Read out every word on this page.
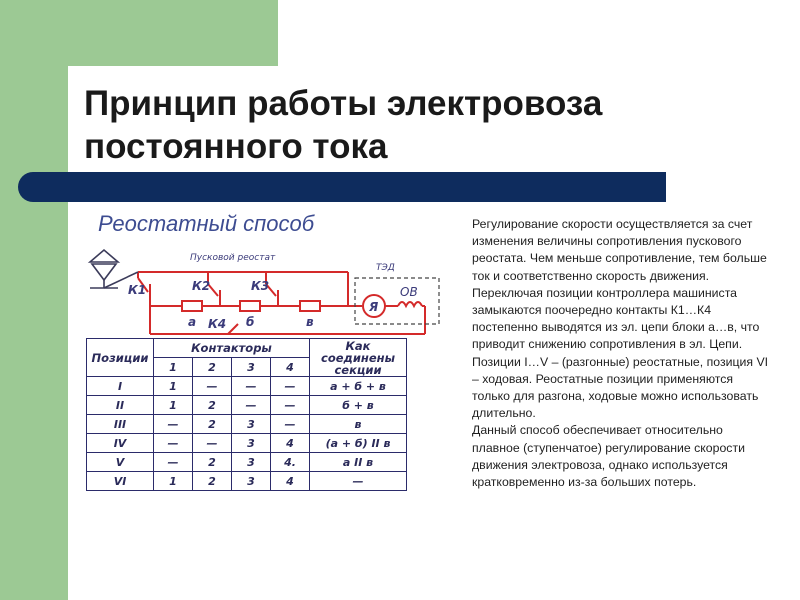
Принцип работы электровоза
постоянного тока
Реостатный способ
Пусковой реостат
ТЭД
Я
ОВ
К1	К2	К3
К4
а	б	в
Позиции	Контакторы				Как соединены секции
	1	2	3	4	
I	1	—	—	—	а + б + в
II	1	2	—	—	б + в
III	—	2	3	—	в
IV	—	—	3	4	(а + б) II в
V	—	2	3	4.	а II в
VI	1	2	3	4	—
Регулирование скорости осуществляется за счет изменения величины сопротивления пускового реостата. Чем меньше сопротивление, тем больше ток и соответственно скорость движения. Переключая позиции контроллера машиниста замыкаются поочередно контакты К1…К4 постепенно выводятся из эл. цепи блоки а…в, что приводит снижению сопротивления в эл. Цепи. Позиции I…V – (разгонные) реостатные, позиция VI – ходовая. Реостатные позиции применяются только для разгона, ходовые можно использовать длительно.
Данный способ обеспечивает относительно плавное (ступенчатое) регулирование скорости движения электровоза, однако используется кратковременно из-за больших потерь.
